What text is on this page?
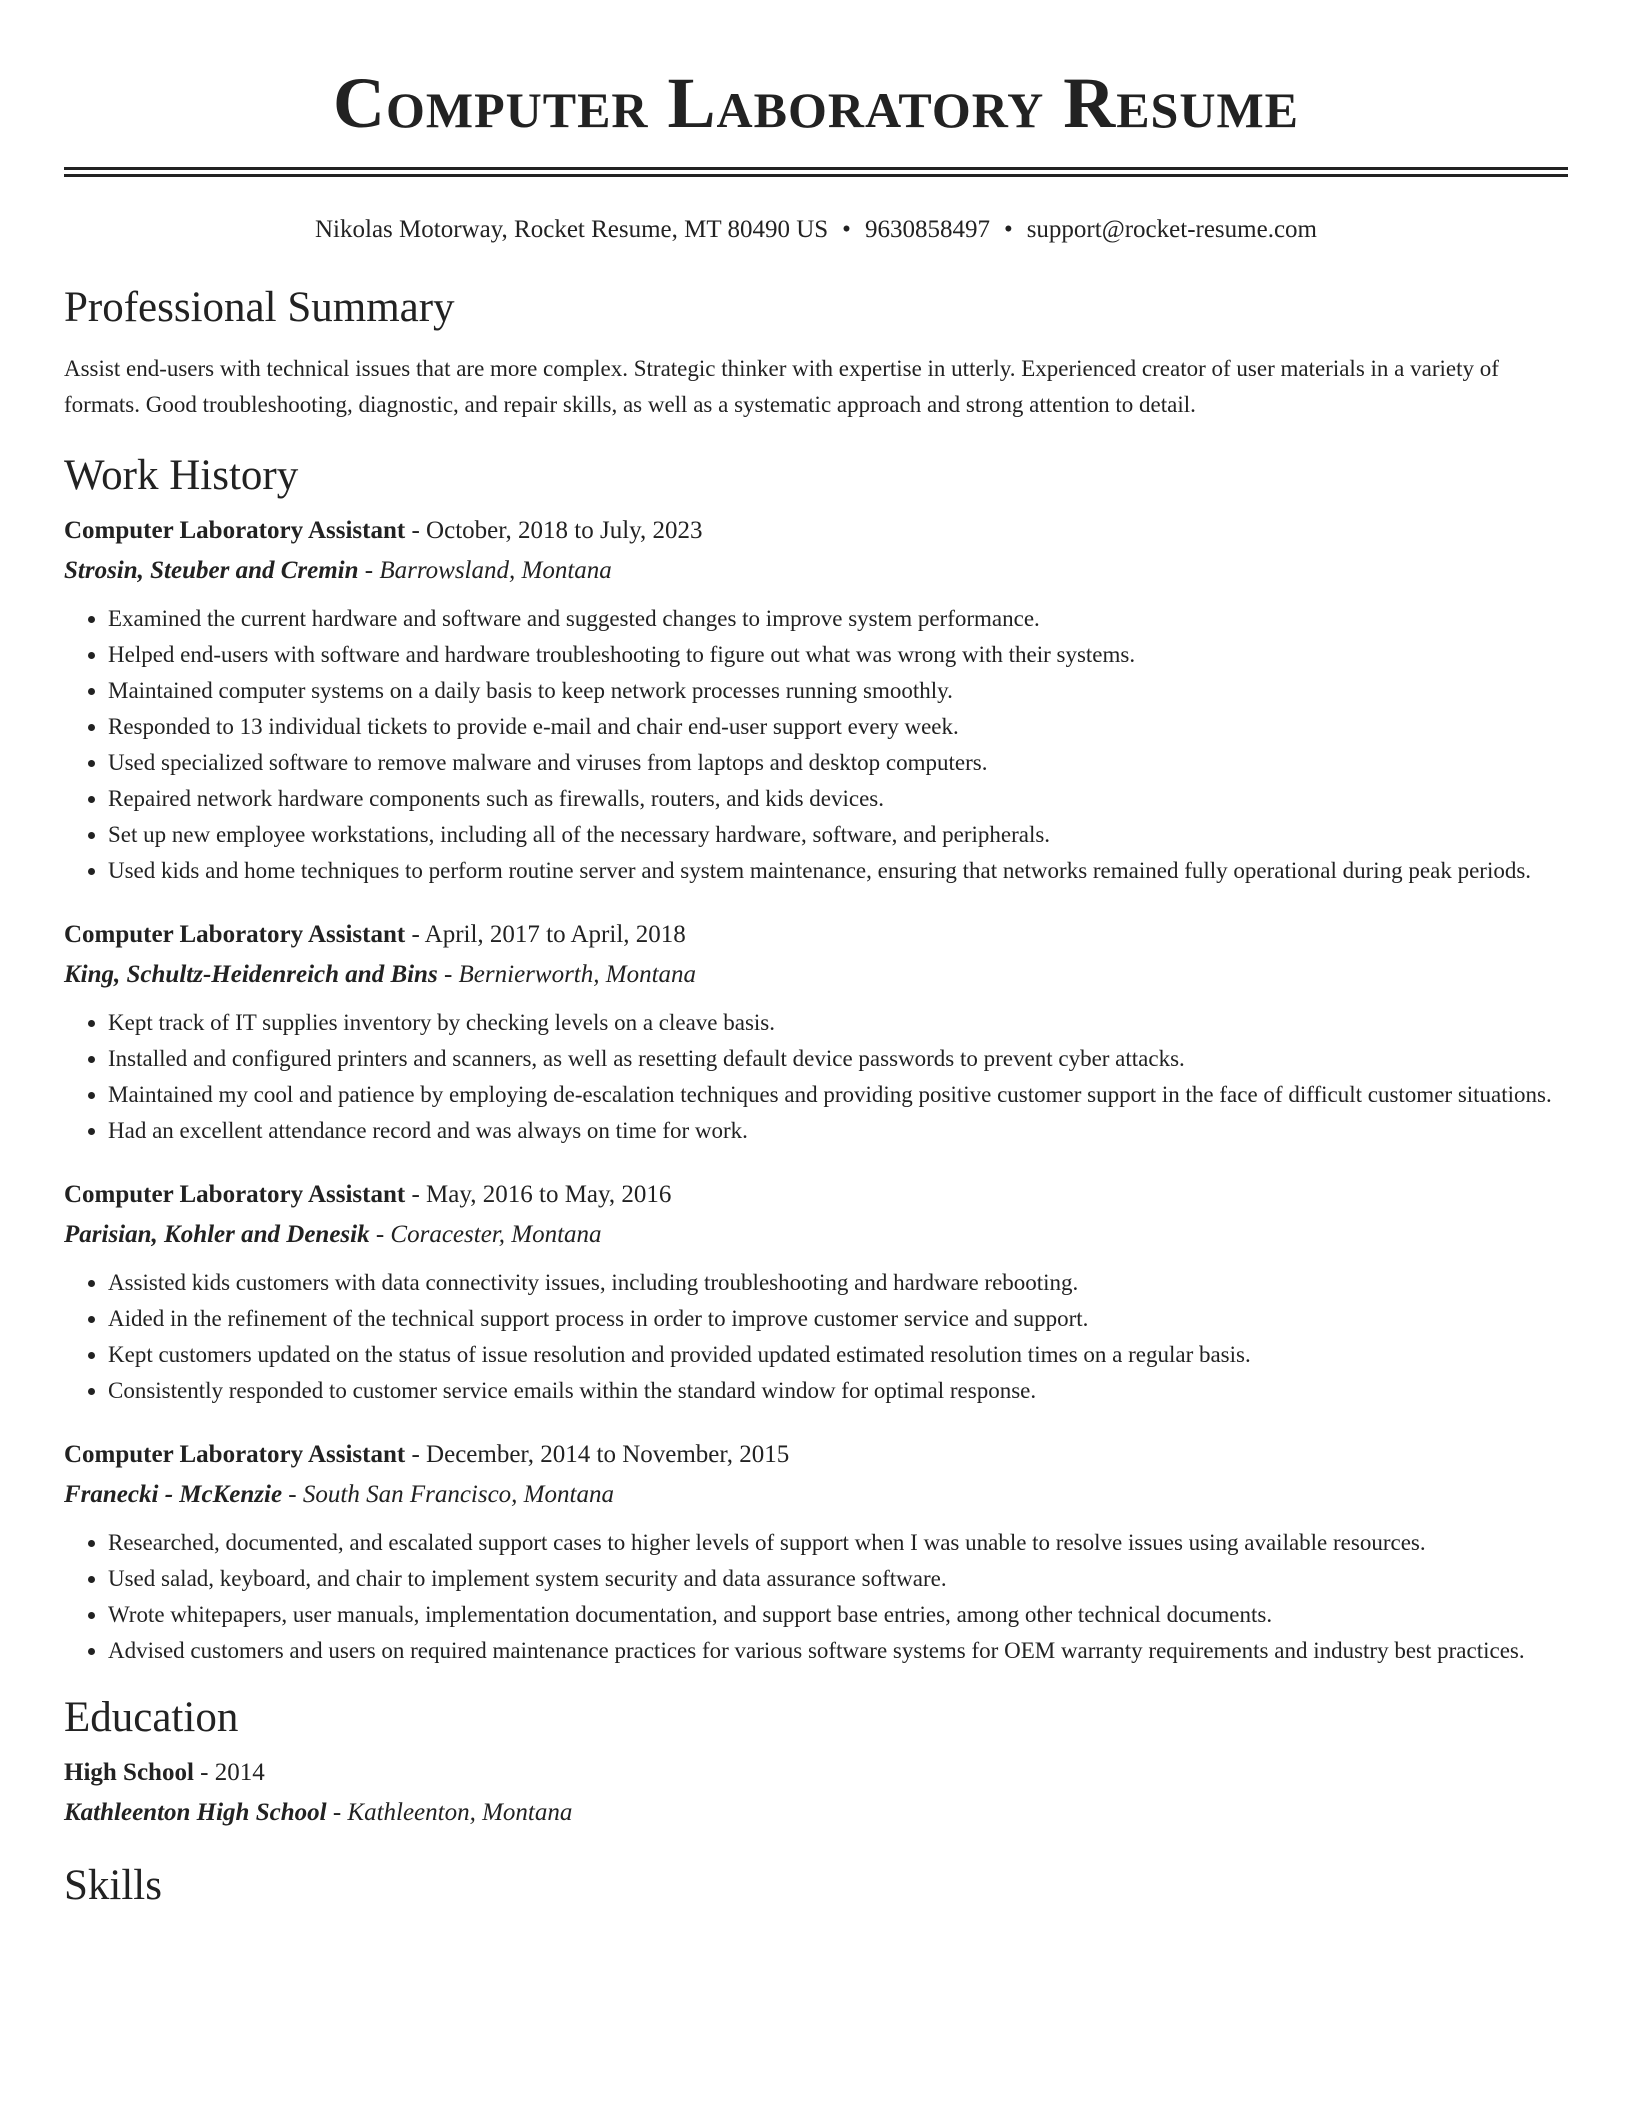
Computer Laboratory Resume
Nikolas Motorway, Rocket Resume, MT 80490 US • 9630858497 • support@rocket-resume.com
Professional Summary

Assist end-users with technical issues that are more complex. Strategic thinker with expertise in utterly. Experienced creator of user materials in a variety of formats. Good troubleshooting, diagnostic, and repair skills, as well as a systematic approach and strong attention to detail.

Work History
Computer Laboratory Assistant - October, 2018 to July, 2023
Strosin, Steuber and Cremin - Barrowsland, Montana
• Examined the current hardware and software and suggested changes to improve system performance.
• Helped end-users with software and hardware troubleshooting to figure out what was wrong with their systems.
• Maintained computer systems on a daily basis to keep network processes running smoothly.
• Responded to 13 individual tickets to provide e-mail and chair end-user support every week.
• Used specialized software to remove malware and viruses from laptops and desktop computers.
• Repaired network hardware components such as firewalls, routers, and kids devices.
• Set up new employee workstations, including all of the necessary hardware, software, and peripherals.
• Used kids and home techniques to perform routine server and system maintenance, ensuring that networks remained fully operational during peak periods.
Computer Laboratory Assistant - April, 2017 to April, 2018
King, Schultz-Heidenreich and Bins - Bernierworth, Montana
• Kept track of IT supplies inventory by checking levels on a cleave basis.
• Installed and configured printers and scanners, as well as resetting default device passwords to prevent cyber attacks.
• Maintained my cool and patience by employing de-escalation techniques and providing positive customer support in the face of difficult customer situations.
• Had an excellent attendance record and was always on time for work.
Computer Laboratory Assistant - May, 2016 to May, 2016
Parisian, Kohler and Denesik - Coracester, Montana
• Assisted kids customers with data connectivity issues, including troubleshooting and hardware rebooting.
• Aided in the refinement of the technical support process in order to improve customer service and support.
• Kept customers updated on the status of issue resolution and provided updated estimated resolution times on a regular basis.
• Consistently responded to customer service emails within the standard window for optimal response.
Computer Laboratory Assistant - December, 2014 to November, 2015
Franecki - McKenzie - South San Francisco, Montana
• Researched, documented, and escalated support cases to higher levels of support when I was unable to resolve issues using available resources.
• Used salad, keyboard, and chair to implement system security and data assurance software.
• Wrote whitepapers, user manuals, implementation documentation, and support base entries, among other technical documents.
• Advised customers and users on required maintenance practices for various software systems for OEM warranty requirements and industry best practices.
Education
High School - 2014
Kathleenton High School - Kathleenton, Montana
Skills
